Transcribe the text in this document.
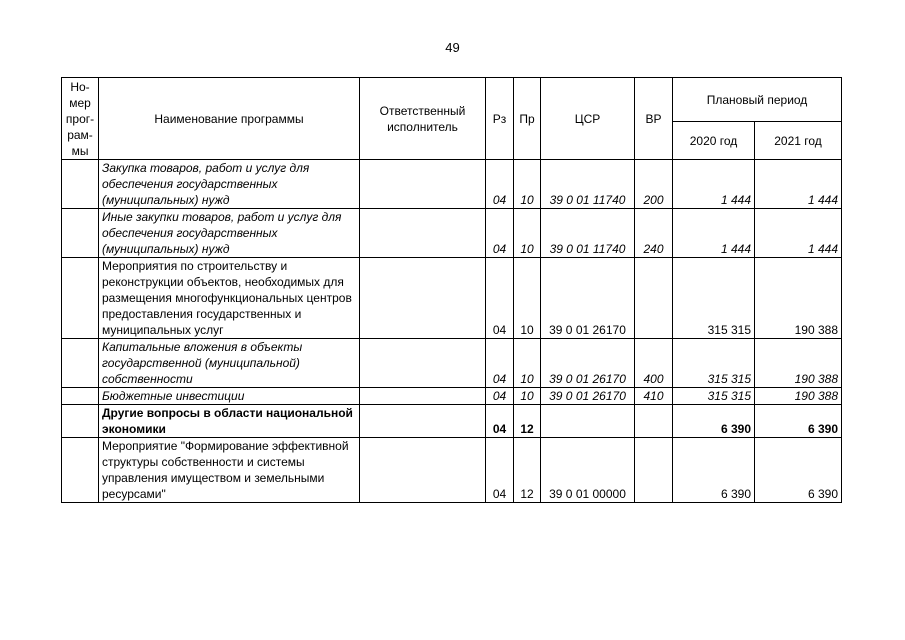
49
Но-
мер
прог-
рам-
мы	Наименование программы	Ответственный исполнитель	Рз	Пр	ЦСР	ВР	Плановый период	
							2020 год	2021 год
	Закупка товаров, работ и услуг для обеспечения государственных (муниципальных) нужд		04	10	39 0 01 11740	200	1 444	1 444
	Иные закупки товаров, работ и услуг для обеспечения государственных (муниципальных) нужд		04	10	39 0 01 11740	240	1 444	1 444
	Мероприятия по строительству и реконструкции объектов, необходимых для размещения многофункциональных центров предоставления государственных и муниципальных услуг		04	10	39 0 01 26170		315 315	190 388
	Капитальные вложения в объекты государственной (муниципальной) собственности		04	10	39 0 01 26170	400	315 315	190 388
	Бюджетные инвестиции		04	10	39 0 01 26170	410	315 315	190 388
	Другие вопросы в области национальной экономики		04	12			6 390	6 390
	Мероприятие "Формирование эффективной структуры собственности и системы управления имуществом и земельными ресурсами"		04	12	39 0 01 00000		6 390	6 390
